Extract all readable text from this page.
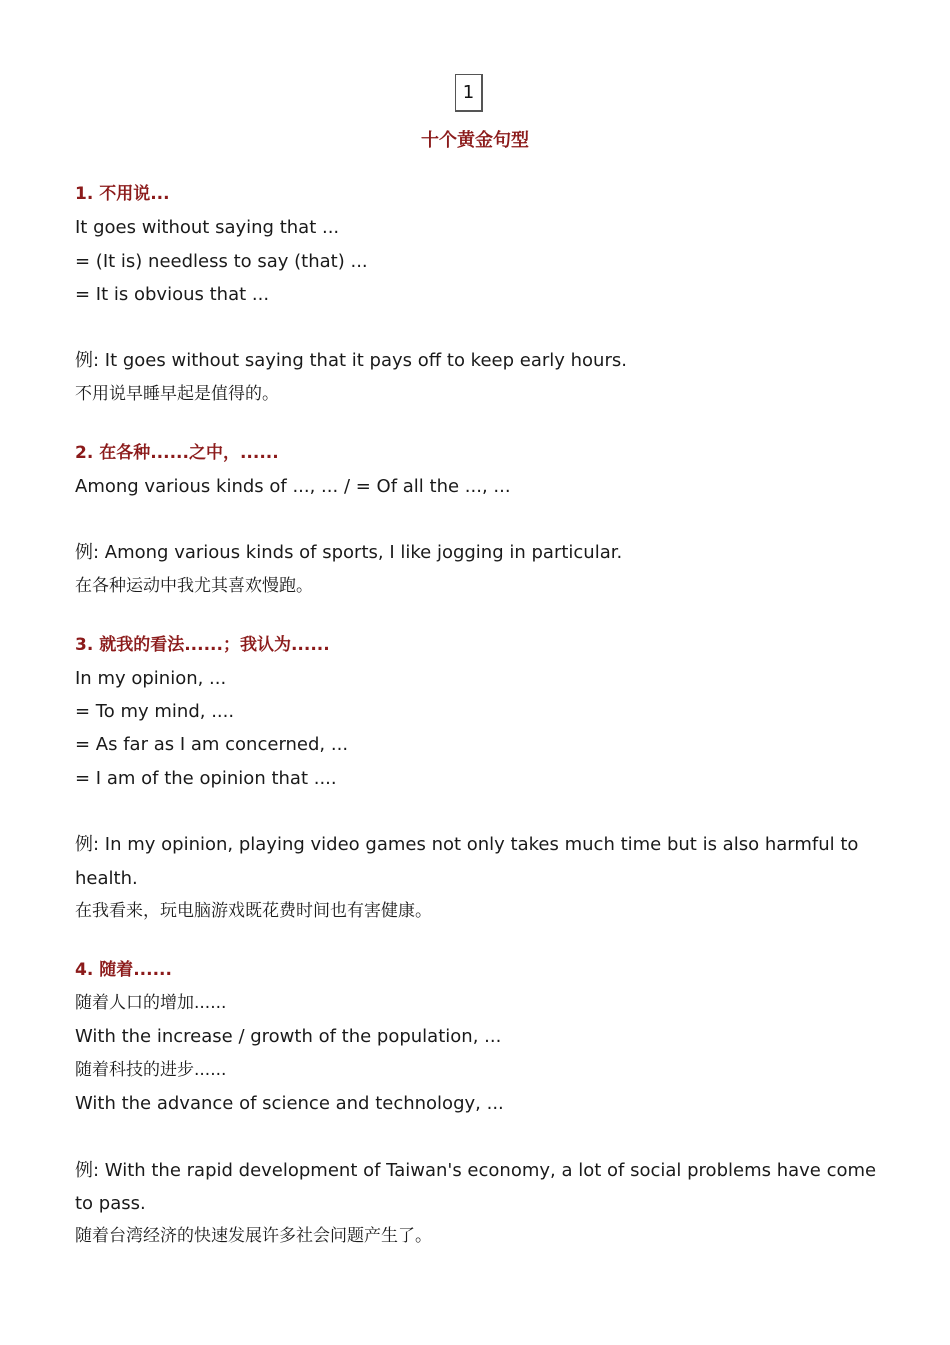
1
十个黄金句型
1. 不用说...
It goes without saying that ...
= (It is) needless to say (that) ...
= It is obvious that ...
例: It goes without saying that it pays off to keep early hours.
不用说早睡早起是值得的。
2. 在各种......之中，......
Among various kinds of ..., ... / = Of all the ..., ...
例: Among various kinds of sports, I like jogging in particular.
在各种运动中我尤其喜欢慢跑。
3. 就我的看法......；我认为......
In my opinion, ...
= To my mind, ....
= As far as I am concerned, ...
= I am of the opinion that ....
例: In my opinion, playing video games not only takes much time but is also harmful to health.
在我看来，玩电脑游戏既花费时间也有害健康。
4. 随着......
随着人口的增加......
With the increase / growth of the population, ...
随着科技的进步......
With the advance of science and technology, ...
例: With the rapid development of Taiwan's economy, a lot of social problems have come to pass.
随着台湾经济的快速发展许多社会问题产生了。
